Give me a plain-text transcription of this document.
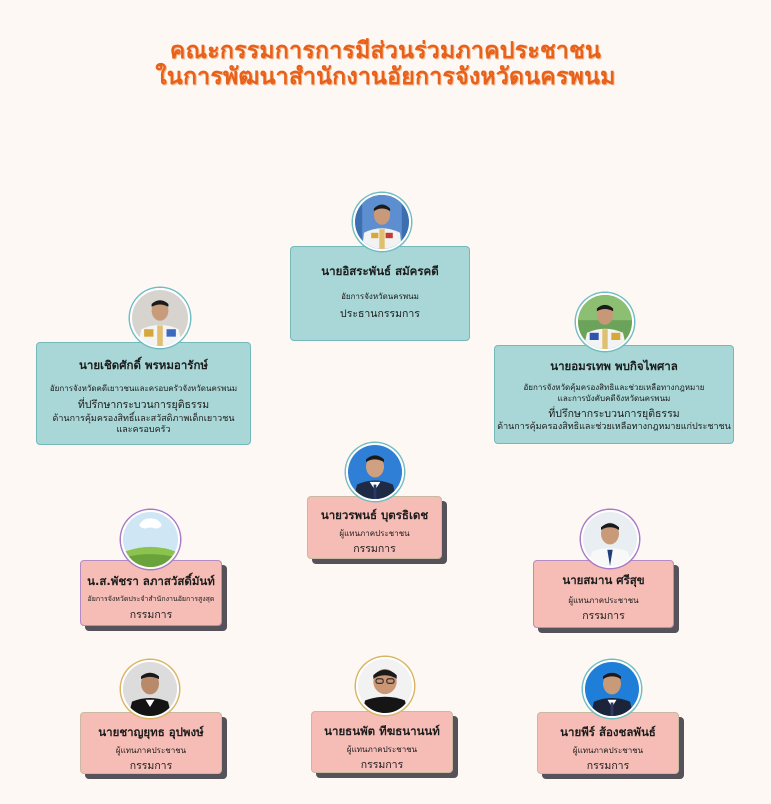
คณะกรรมการการมีส่วนร่วมภาคประชาชน
ในการพัฒนาสำนักงานอัยการจังหวัดนครพนม
นายอิสระพันธ์ สมัครคดี
อัยการจังหวัดนครพนม
ประธานกรรมการ
นายเชิดศักดิ์ พรหมอารักษ์
อัยการจังหวัดคดีเยาวชนและครอบครัวจังหวัดนครพนม
ที่ปรึกษากระบวนการยุติธรรม
ด้านการคุ้มครองสิทธิ์และสวัสดิภาพเด็กเยาวชน
และครอบครัว
นายอมรเทพ พบกิจไพศาล
อัยการจังหวัดคุ้มครองสิทธิและช่วยเหลือทางกฎหมาย
และการบังคับคดีจังหวัดนครพนม
ที่ปรึกษากระบวนการยุติธรรม
ด้านการคุ้มครองสิทธิและช่วยเหลือทางกฎหมายแก่ประชาชน
นายวรพนธ์ บุตรธิเดช
ผู้แทนภาคประชาชน
กรรมการ
น.ส.พัชรา ลภาสวัสดิ์มันท์
อัยการจังหวัดประจำสำนักงานอัยการสูงสุด
กรรมการ
นายสมาน ศรีสุข
ผู้แทนภาคประชาชน
กรรมการ
นายชาญยุทธ อุปพงษ์
ผู้แทนภาคประชาชน
กรรมการ
นายธนพัต ทีฆธนานนท์
ผู้แทนภาคประชาชน
กรรมการ
นายพีร์ ส้องชลพันธ์
ผู้แทนภาคประชาชน
กรรมการ
